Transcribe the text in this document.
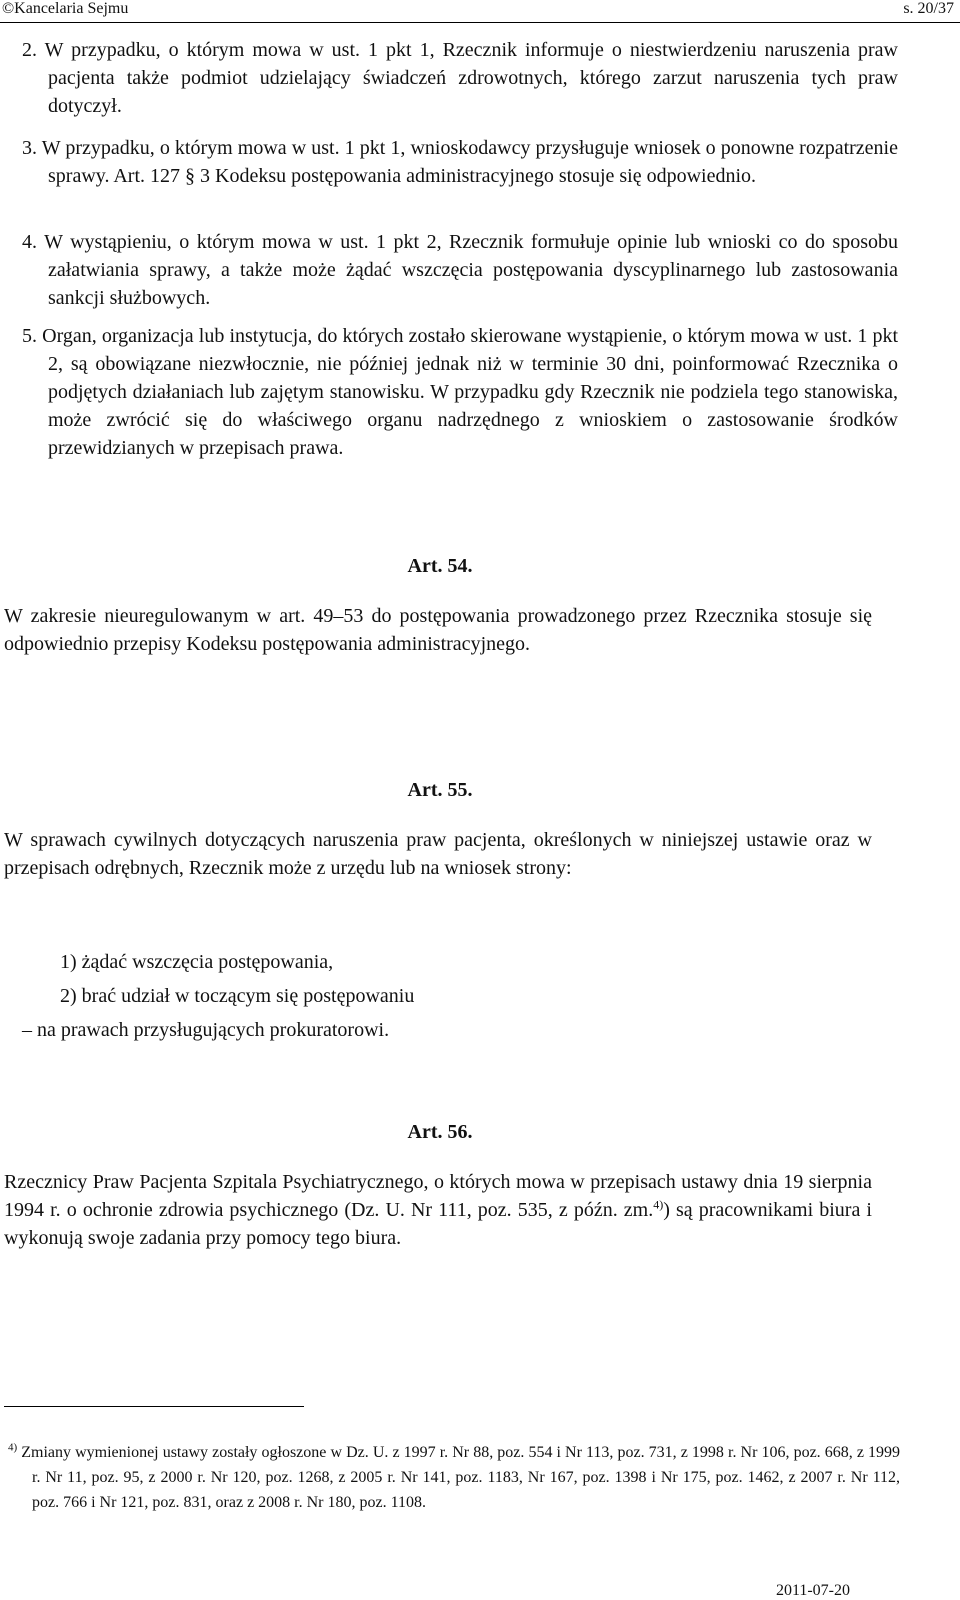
©Kancelaria Sejmu	s. 20/37
2. W przypadku, o którym mowa w ust. 1 pkt 1, Rzecznik informuje o niestwierdzeniu naruszenia praw pacjenta także podmiot udzielający świadczeń zdrowotnych, którego zarzut naruszenia tych praw dotyczył.
3. W przypadku, o którym mowa w ust. 1 pkt 1, wnioskodawcy przysługuje wniosek o ponowne rozpatrzenie sprawy. Art. 127 § 3 Kodeksu postępowania administracyjnego stosuje się odpowiednio.
4. W wystąpieniu, o którym mowa w ust. 1 pkt 2, Rzecznik formułuje opinie lub wnioski co do sposobu załatwiania sprawy, a także może żądać wszczęcia postępowania dyscyplinarnego lub zastosowania sankcji służbowych.
5. Organ, organizacja lub instytucja, do których zostało skierowane wystąpienie, o którym mowa w ust. 1 pkt 2, są obowiązane niezwłocznie, nie później jednak niż w terminie 30 dni, poinformować Rzecznika o podjętych działaniach lub zajętym stanowisku. W przypadku gdy Rzecznik nie podziela tego stanowiska, może zwrócić się do właściwego organu nadrzędnego z wnioskiem o zastosowanie środków przewidzianych w przepisach prawa.
Art. 54.
W zakresie nieuregulowanym w art. 49–53 do postępowania prowadzonego przez Rzecznika stosuje się odpowiednio przepisy Kodeksu postępowania administracyjnego.
Art. 55.
W sprawach cywilnych dotyczących naruszenia praw pacjenta, określonych w niniejszej ustawie oraz w przepisach odrębnych, Rzecznik może z urzędu lub na wniosek strony:
1) żądać wszczęcia postępowania,
2) brać udział w toczącym się postępowaniu
– na prawach przysługujących prokuratorowi.
Art. 56.
Rzecznicy Praw Pacjenta Szpitala Psychiatrycznego, o których mowa w przepisach ustawy dnia 19 sierpnia 1994 r. o ochronie zdrowia psychicznego (Dz. U. Nr 111, poz. 535, z późn. zm.$^{4)}$) są pracownikami biura i wykonują swoje zadania przy pomocy tego biura.
$^{4)}$ Zmiany wymienionej ustawy zostały ogłoszone w Dz. U. z 1997 r. Nr 88, poz. 554 i Nr 113, poz. 731, z 1998 r. Nr 106, poz. 668, z 1999 r. Nr 11, poz. 95, z 2000 r. Nr 120, poz. 1268, z 2005 r. Nr 141, poz. 1183, Nr 167, poz. 1398 i Nr 175, poz. 1462, z 2007 r. Nr 112, poz. 766 i Nr 121, poz. 831, oraz z 2008 r. Nr 180, poz. 1108.
2011-07-20
